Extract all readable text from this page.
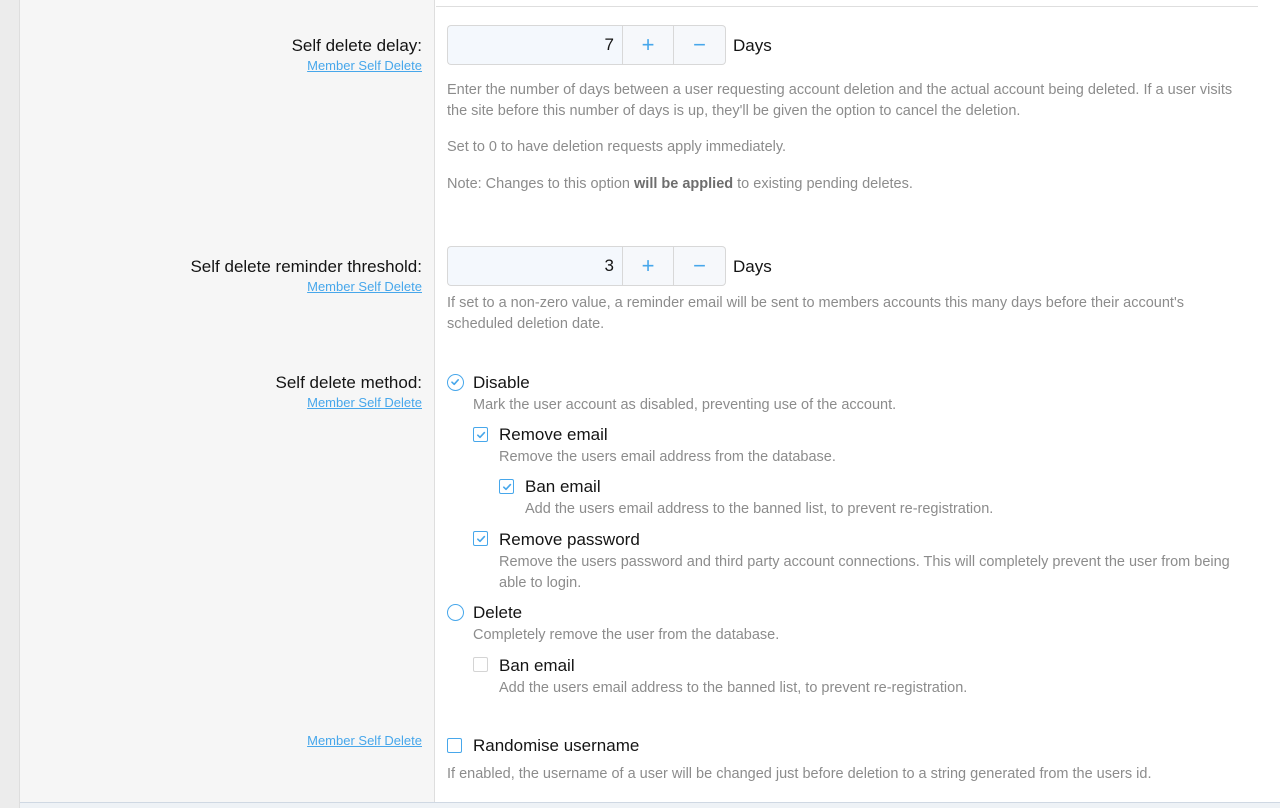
Self delete delay:
Member Self Delete
7	+	−	Days
Enter the number of days between a user requesting account deletion and the actual account being deleted. If a user visits the site before this number of days is up, they'll be given the option to cancel the deletion.
Set to 0 to have deletion requests apply immediately.
Note: Changes to this option will be applied to existing pending deletes.
Self delete reminder threshold:
Member Self Delete
3	+	−	Days
If set to a non-zero value, a reminder email will be sent to members accounts this many days before their account's scheduled deletion date.
Self delete method:
Member Self Delete
Disable
Mark the user account as disabled, preventing use of the account.
Remove email
Remove the users email address from the database.
Ban email
Add the users email address to the banned list, to prevent re-registration.
Remove password
Remove the users password and third party account connections. This will completely prevent the user from being able to login.
Delete
Completely remove the user from the database.
Ban email
Add the users email address to the banned list, to prevent re-registration.
Member Self Delete	Randomise username
If enabled, the username of a user will be changed just before deletion to a string generated from the users id.
